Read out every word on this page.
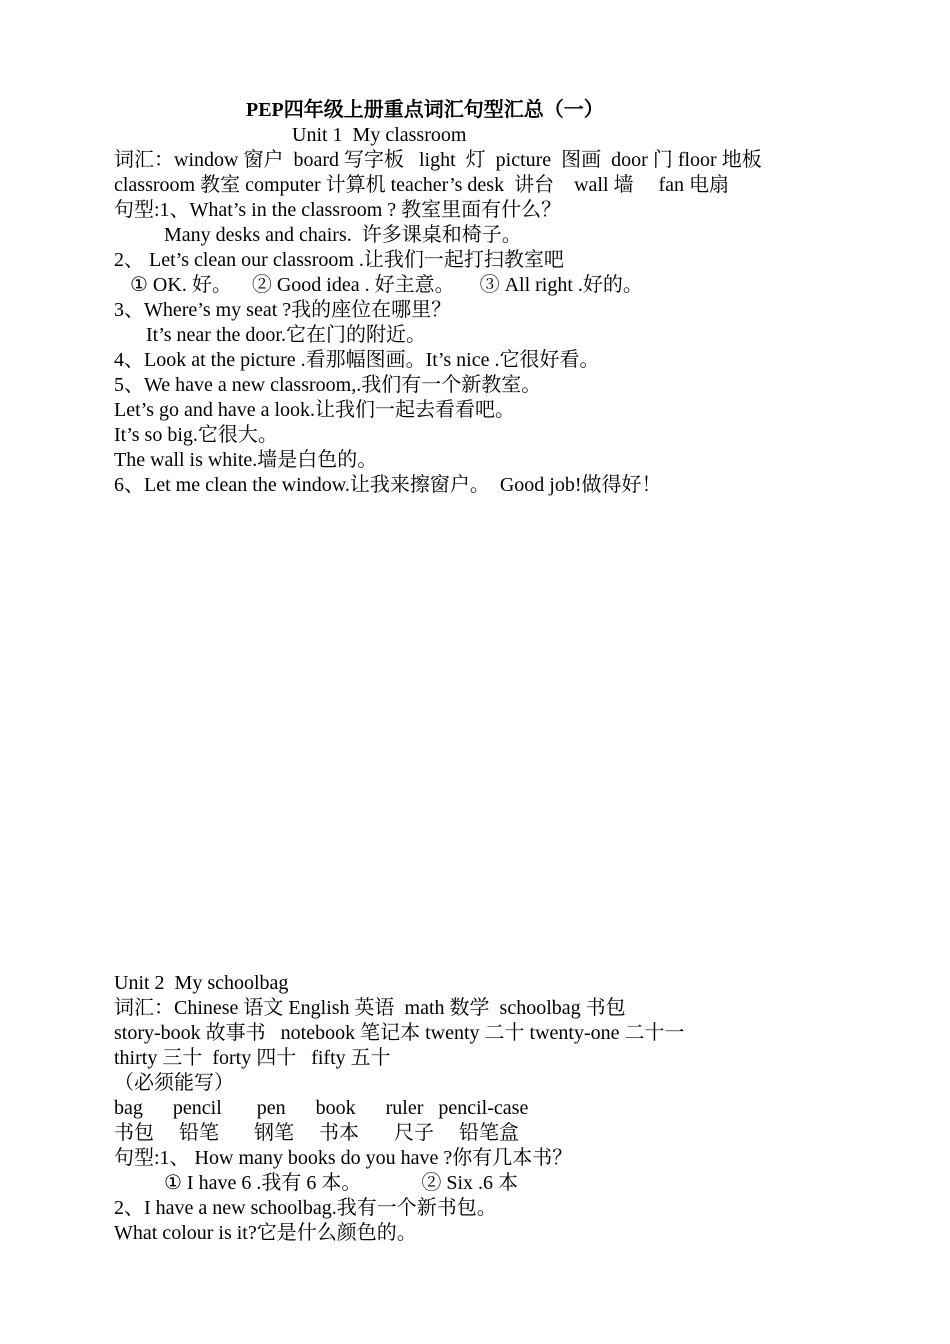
PEP四年级上册重点词汇句型汇总（一）
Unit 1  My classroom
词汇：window 窗户  board 写字板   light  灯  picture  图画  door 门 floor 地板
classroom 教室 computer 计算机 teacher’s desk  讲台    wall 墙     fan 电扇
句型:1、What’s in the classroom ? 教室里面有什么？
Many desks and chairs.  许多课桌和椅子。
2、 Let’s clean our classroom .让我们一起打扫教室吧
① OK. 好。    ② Good idea . 好主意。     ③ All right .好的。
3、Where’s my seat ?我的座位在哪里？
It’s near the door.它在门的附近。
4、Look at the picture .看那幅图画。It’s nice .它很好看。
5、We have a new classroom,.我们有一个新教室。
Let’s go and have a look.让我们一起去看看吧。
It’s so big.它很大。
The wall is white.墙是白色的。
6、Let me clean the window.让我来擦窗户。  Good job!做得好！
Unit 2  My schoolbag
词汇：Chinese 语文 English 英语  math 数学  schoolbag 书包
story-book 故事书   notebook 笔记本 twenty 二十 twenty-one 二十一
thirty 三十  forty 四十   fifty 五十
（必须能写）
bag      pencil       pen      book      ruler   pencil-case
书包     铅笔       钢笔     书本       尺子     铅笔盒
句型:1、 How many books do you have ?你有几本书？
① I have 6 .我有 6 本。            ② Six .6 本
2、I have a new schoolbag.我有一个新书包。
What colour is it?它是什么颜色的。
